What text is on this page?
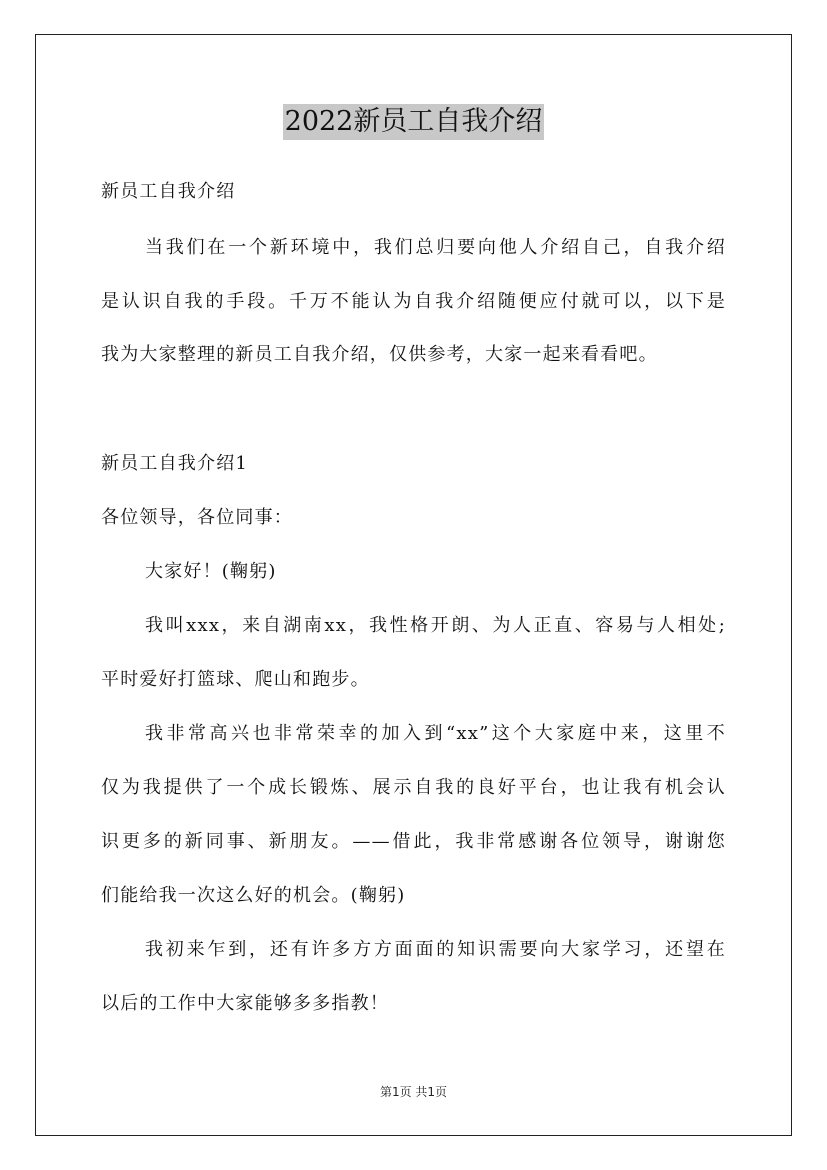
2022新员工自我介绍
新员工自我介绍
当我们在一个新环境中，我们总归要向他人介绍自己，自我介绍
是认识自我的手段。千万不能认为自我介绍随便应付就可以，以下是
我为大家整理的新员工自我介绍，仅供参考，大家一起来看看吧。
新员工自我介绍1
各位领导，各位同事：
大家好！(鞠躬)
我叫xxx，来自湖南xx，我性格开朗、为人正直、容易与人相处;
平时爱好打篮球、爬山和跑步。
我非常高兴也非常荣幸的加入到“xx”这个大家庭中来，这里不
仅为我提供了一个成长锻炼、展示自我的良好平台，也让我有机会认
识更多的新同事、新朋友。——借此，我非常感谢各位领导，谢谢您
们能给我一次这么好的机会。(鞠躬)
我初来乍到，还有许多方方面面的知识需要向大家学习，还望在
以后的工作中大家能够多多指教！
第1页 共1页
